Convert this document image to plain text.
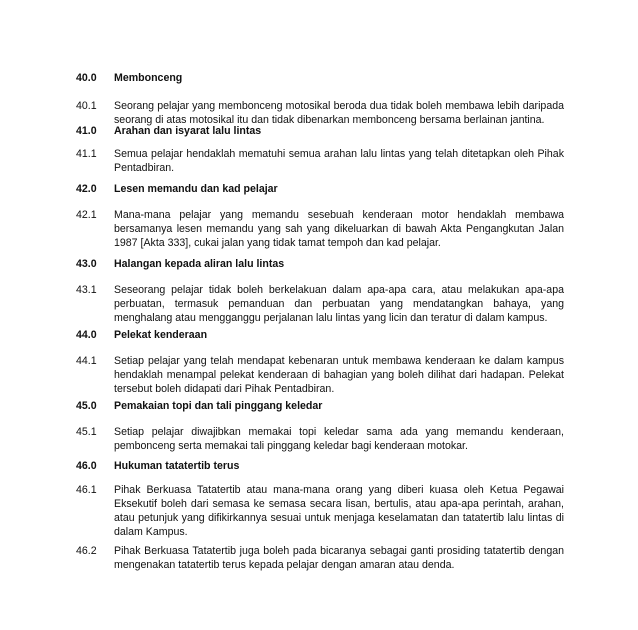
40.0 Membonceng
40.1 Seorang pelajar yang membonceng motosikal beroda dua tidak boleh membawa lebih daripada seorang di atas motosikal itu dan tidak dibenarkan membonceng bersama berlainan jantina.
41.0 Arahan dan isyarat lalu lintas
41.1 Semua pelajar hendaklah mematuhi semua arahan lalu lintas yang telah ditetapkan oleh Pihak Pentadbiran.
42.0 Lesen memandu dan kad pelajar
42.1 Mana-mana pelajar yang memandu sesebuah kenderaan motor hendaklah membawa bersamanya lesen memandu yang sah yang dikeluarkan di bawah Akta Pengangkutan Jalan 1987 [Akta 333], cukai jalan yang tidak tamat tempoh dan kad pelajar.
43.0 Halangan kepada aliran lalu lintas
43.1 Seseorang pelajar tidak boleh berkelakuan dalam apa-apa cara, atau melakukan apa-apa perbuatan, termasuk pemanduan dan perbuatan yang mendatangkan bahaya, yang menghalang atau mengganggu perjalanan lalu lintas yang licin dan teratur di dalam kampus.
44.0 Pelekat kenderaan
44.1 Setiap pelajar yang telah mendapat kebenaran untuk membawa kenderaan ke dalam kampus hendaklah menampal pelekat kenderaan di bahagian yang boleh dilihat dari hadapan. Pelekat tersebut boleh didapati dari Pihak Pentadbiran.
45.0 Pemakaian topi dan tali pinggang keledar
45.1 Setiap pelajar diwajibkan memakai topi keledar sama ada yang memandu kenderaan, pembonceng serta memakai tali pinggang keledar bagi kenderaan motokar.
46.0 Hukuman tatatertib terus
46.1 Pihak Berkuasa Tatatertib atau mana-mana orang yang diberi kuasa oleh Ketua Pegawai Eksekutif boleh dari semasa ke semasa secara lisan, bertulis, atau apa-apa perintah, arahan, atau petunjuk yang difikirkannya sesuai untuk menjaga keselamatan dan tatatertib lalu lintas di dalam Kampus.
46.2 Pihak Berkuasa Tatatertib juga boleh pada bicaranya sebagai ganti prosiding tatatertib dengan mengenakan tatatertib terus kepada pelajar dengan amaran atau denda.
